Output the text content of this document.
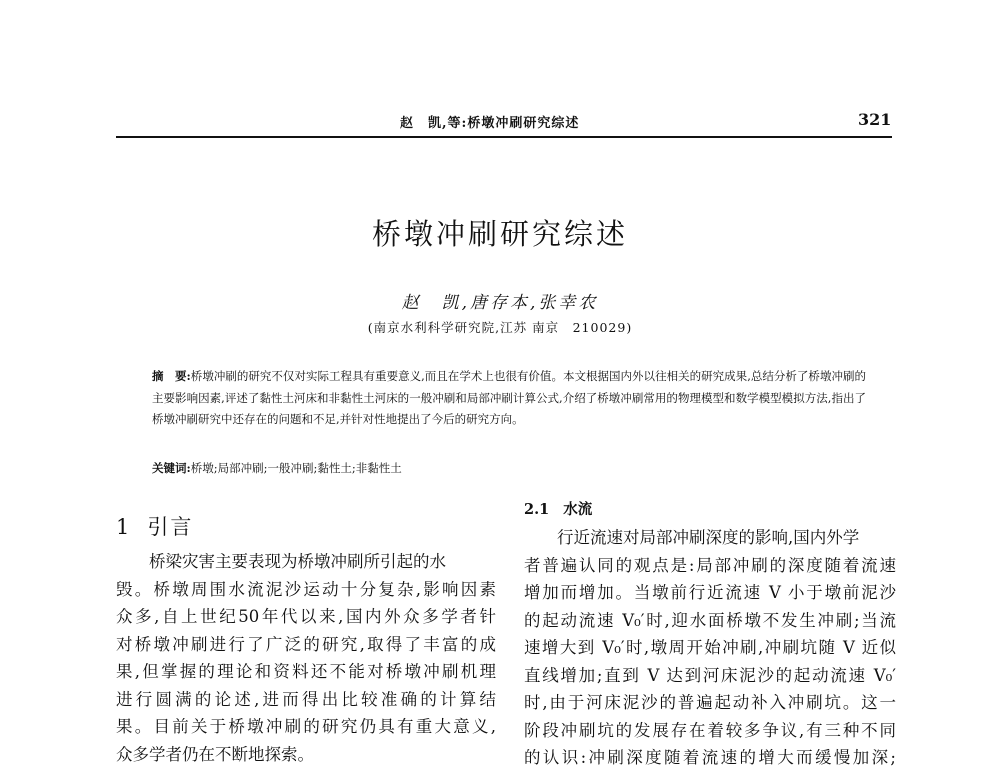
赵　凯,等:桥墩冲刷研究综述	321
桥墩冲刷研究综述
赵　凯,唐存本,张幸农
(南京水利科学研究院,江苏 南京　210029)
摘　要:桥墩冲刷的研究不仅对实际工程具有重要意义,而且在学术上也很有价值。本文根据国内外以往相关的研究成果,总结分析了桥墩冲刷的主要影响因素,评述了黏性土河床和非黏性土河床的一般冲刷和局部冲刷计算公式,介绍了桥墩冲刷常用的物理模型和数学模型模拟方法,指出了桥墩冲刷研究中还存在的问题和不足,并针对性地提出了今后的研究方向。
关键词:桥墩;局部冲刷;一般冲刷;黏性土;非黏性土
1 引言
桥梁灾害主要表现为桥墩冲刷所引起的水
毁。桥墩周围水流泥沙运动十分复杂,影响因素
众多,自上世纪50年代以来,国内外众多学者针
对桥墩冲刷进行了广泛的研究,取得了丰富的成
果,但掌握的理论和资料还不能对桥墩冲刷机理
进行圆满的论述,进而得出比较准确的计算结
果。目前关于桥墩冲刷的研究仍具有重大意义,
众多学者仍在不断地探索。
2.1 水流
行近流速对局部冲刷深度的影响,国内外学
者普遍认同的观点是:局部冲刷的深度随着流速
增加而增加。当墩前行近流速 V 小于墩前泥沙
的起动流速 V₀′时,迎水面桥墩不发生冲刷;当流
速增大到 V₀′时,墩周开始冲刷,冲刷坑随 V 近似
直线增加;直到 V 达到河床泥沙的起动流速 V₀′
时,由于河床泥沙的普遍起动补入冲刷坑。这一
阶段冲刷坑的发展存在着较多争议,有三种不同
的认识:冲刷深度随着流速的增大而缓慢加深;
